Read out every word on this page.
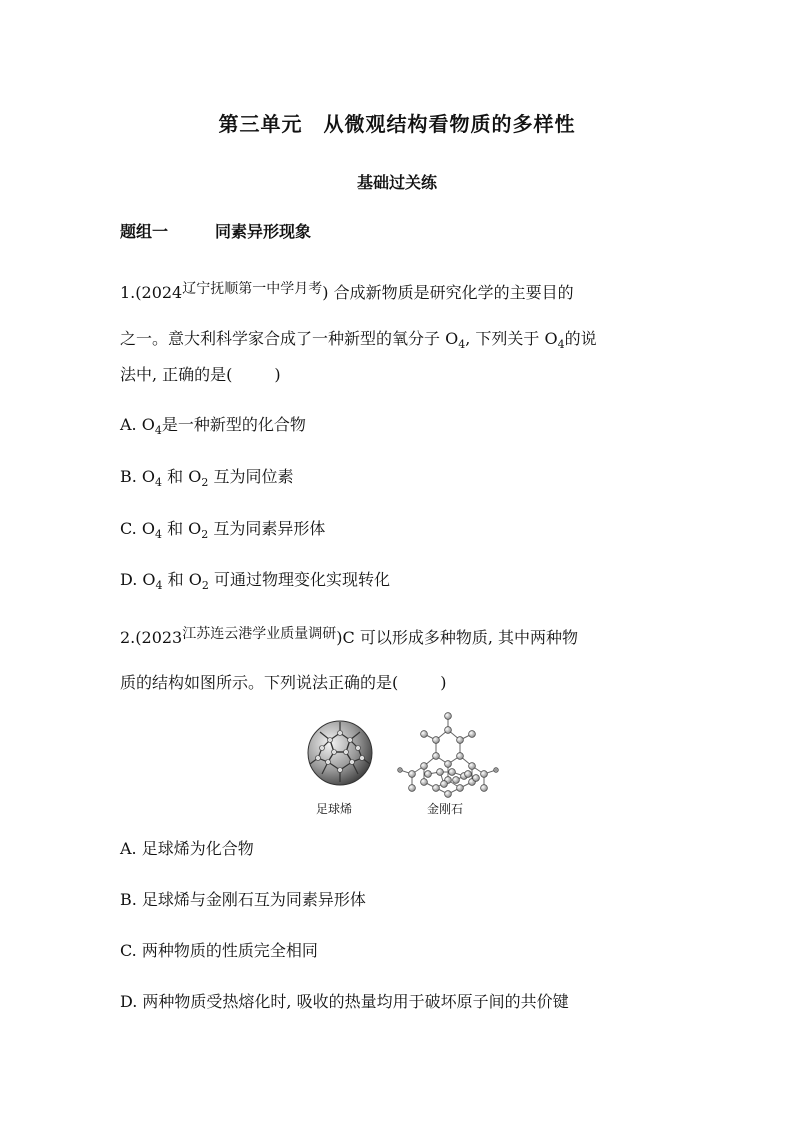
第三单元　从微观结构看物质的多样性
基础过关练
题组一	同素异形现象
1.(2024辽宁抚顺第一中学月考) 合成新物质是研究化学的主要目的
之一。意大利科学家合成了一种新型的氧分子 $O_4$, 下列关于 $O_4$的说
法中, 正确的是(	)
A. $O_4$是一种新型的化合物
B. $O_4$ 和 $O_2$ 互为同位素
C. $O_4$ 和 $O_2$ 互为同素异形体
D. $O_4$ 和 $O_2$ 可通过物理变化实现转化
2.(2023江苏连云港学业质量调研)C 可以形成多种物质, 其中两种物
质的结构如图所示。下列说法正确的是(	)
足球烯	金刚石
A. 足球烯为化合物
B. 足球烯与金刚石互为同素异形体
C. 两种物质的性质完全相同
D. 两种物质受热熔化时, 吸收的热量均用于破坏原子间的共价键
